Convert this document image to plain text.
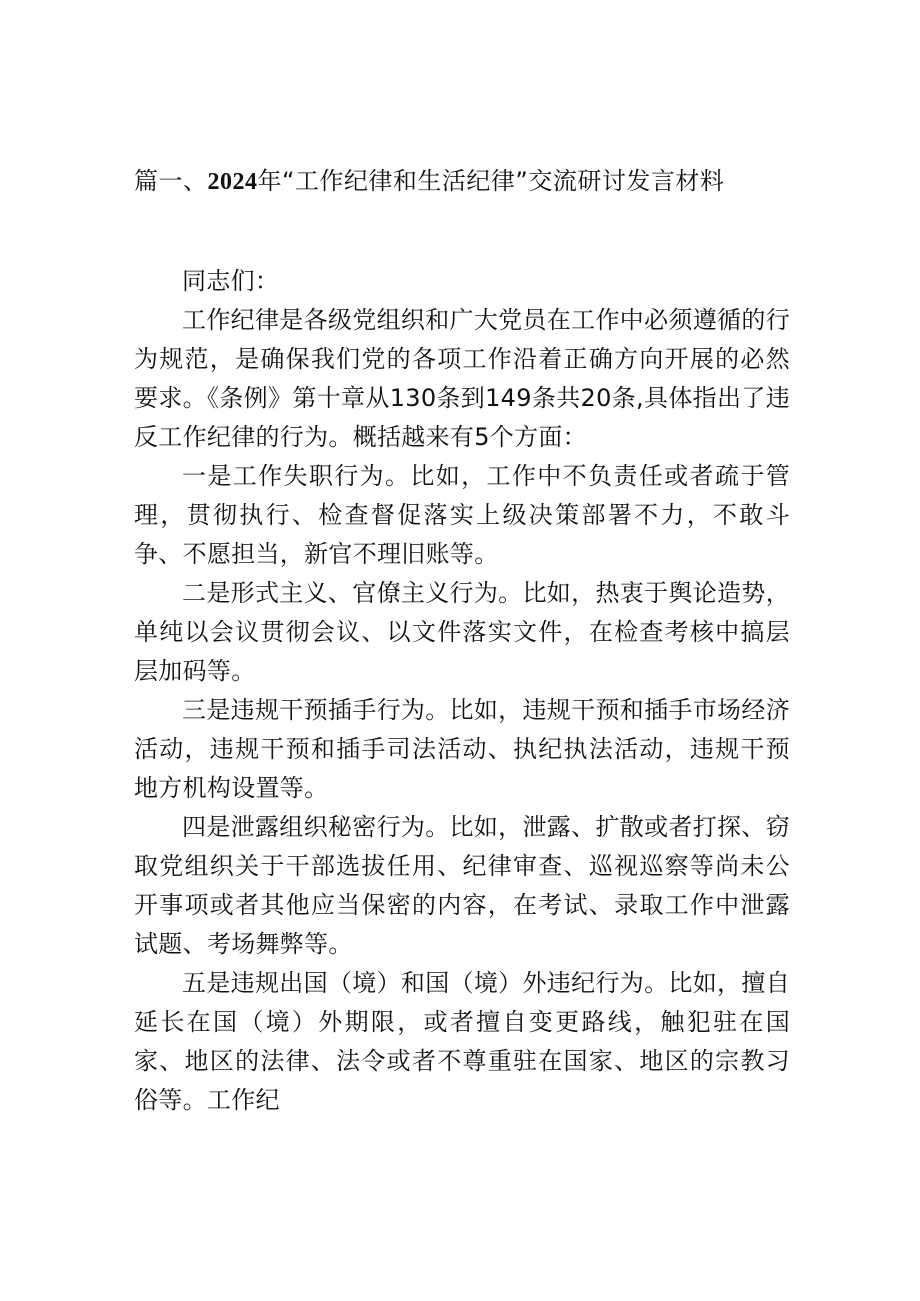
篇一、2024年“工作纪律和生活纪律”交流研讨发言材料

同志们：

工作纪律是各级党组织和广大党员在工作中必须遵循的行为规范，是确保我们党的各项工作沿着正确方向开展的必然要求。《条例》第十章从130条到149条共20条,具体指出了违反工作纪律的行为。概括越来有5个方面：

一是工作失职行为。比如，工作中不负责任或者疏于管理，贯彻执行、检查督促落实上级决策部署不力，不敢斗争、不愿担当，新官不理旧账等。

二是形式主义、官僚主义行为。比如，热衷于舆论造势，单纯以会议贯彻会议、以文件落实文件，在检查考核中搞层层加码等。

三是违规干预插手行为。比如，违规干预和插手市场经济活动，违规干预和插手司法活动、执纪执法活动，违规干预地方机构设置等。

四是泄露组织秘密行为。比如，泄露、扩散或者打探、窃取党组织关于干部选拔任用、纪律审查、巡视巡察等尚未公开事项或者其他应当保密的内容，在考试、录取工作中泄露试题、考场舞弊等。

五是违规出国（境）和国（境）外违纪行为。比如，擅自延长在国（境）外期限，或者擅自变更路线，触犯驻在国家、地区的法律、法令或者不尊重驻在国家、地区的宗教习俗等。工作纪
